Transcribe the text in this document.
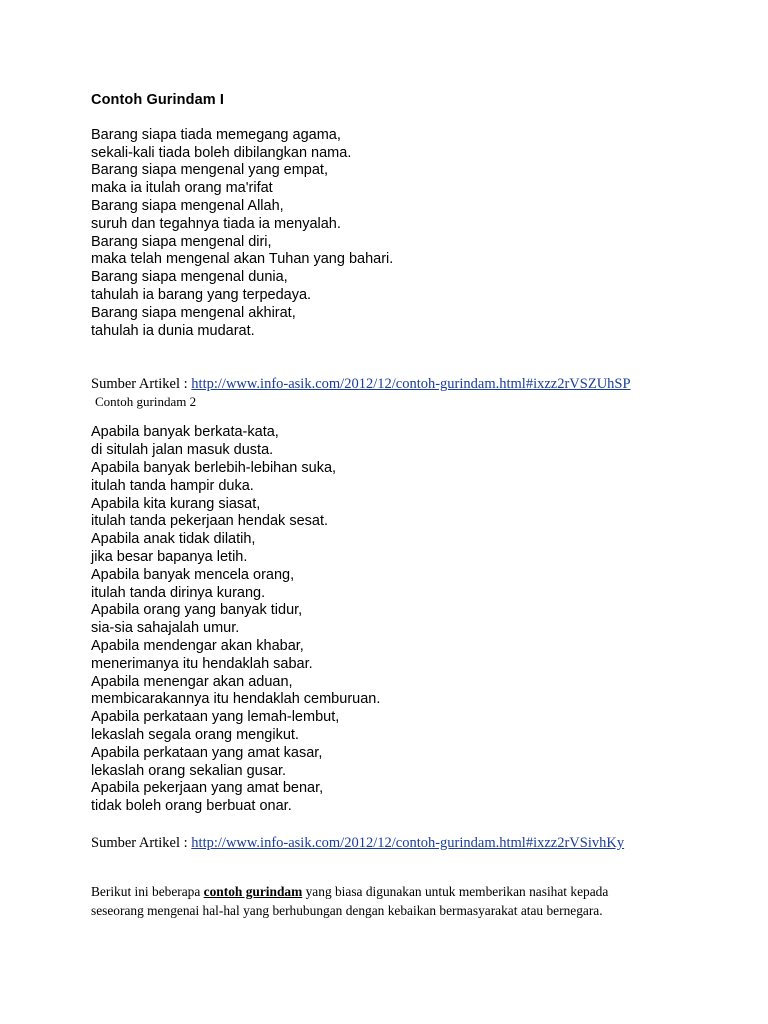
Contoh Gurindam I

Barang siapa tiada memegang agama,
sekali-kali tiada boleh dibilangkan nama.
Barang siapa mengenal yang empat,
maka ia itulah orang ma'rifat
Barang siapa mengenal Allah,
suruh dan tegahnya tiada ia menyalah.
Barang siapa mengenal diri,
maka telah mengenal akan Tuhan yang bahari.
Barang siapa mengenal dunia,
tahulah ia barang yang terpedaya.
Barang siapa mengenal akhirat,
tahulah ia dunia mudarat.
Sumber Artikel : http://www.info-asik.com/2012/12/contoh-gurindam.html#ixzz2rVSZUhSP
Contoh gurindam 2
Apabila banyak berkata-kata,
di situlah jalan masuk dusta.
Apabila banyak berlebih-lebihan suka,
itulah tanda hampir duka.
Apabila kita kurang siasat,
itulah tanda pekerjaan hendak sesat.
Apabila anak tidak dilatih,
jika besar bapanya letih.
Apabila banyak mencela orang,
itulah tanda dirinya kurang.
Apabila orang yang banyak tidur,
sia-sia sahajalah umur.
Apabila mendengar akan khabar,
menerimanya itu hendaklah sabar.
Apabila menengar akan aduan,
membicarakannya itu hendaklah cemburuan.
Apabila perkataan yang lemah-lembut,
lekaslah segala orang mengikut.
Apabila perkataan yang amat kasar,
lekaslah orang sekalian gusar.
Apabila pekerjaan yang amat benar,
tidak boleh orang berbuat onar.
Sumber Artikel : http://www.info-asik.com/2012/12/contoh-gurindam.html#ixzz2rVSivhKy
Berikut ini beberapa contoh gurindam yang biasa digunakan untuk memberikan nasihat kepada
seseorang mengenai hal-hal yang berhubungan dengan kebaikan bermasyarakat atau bernegara.
